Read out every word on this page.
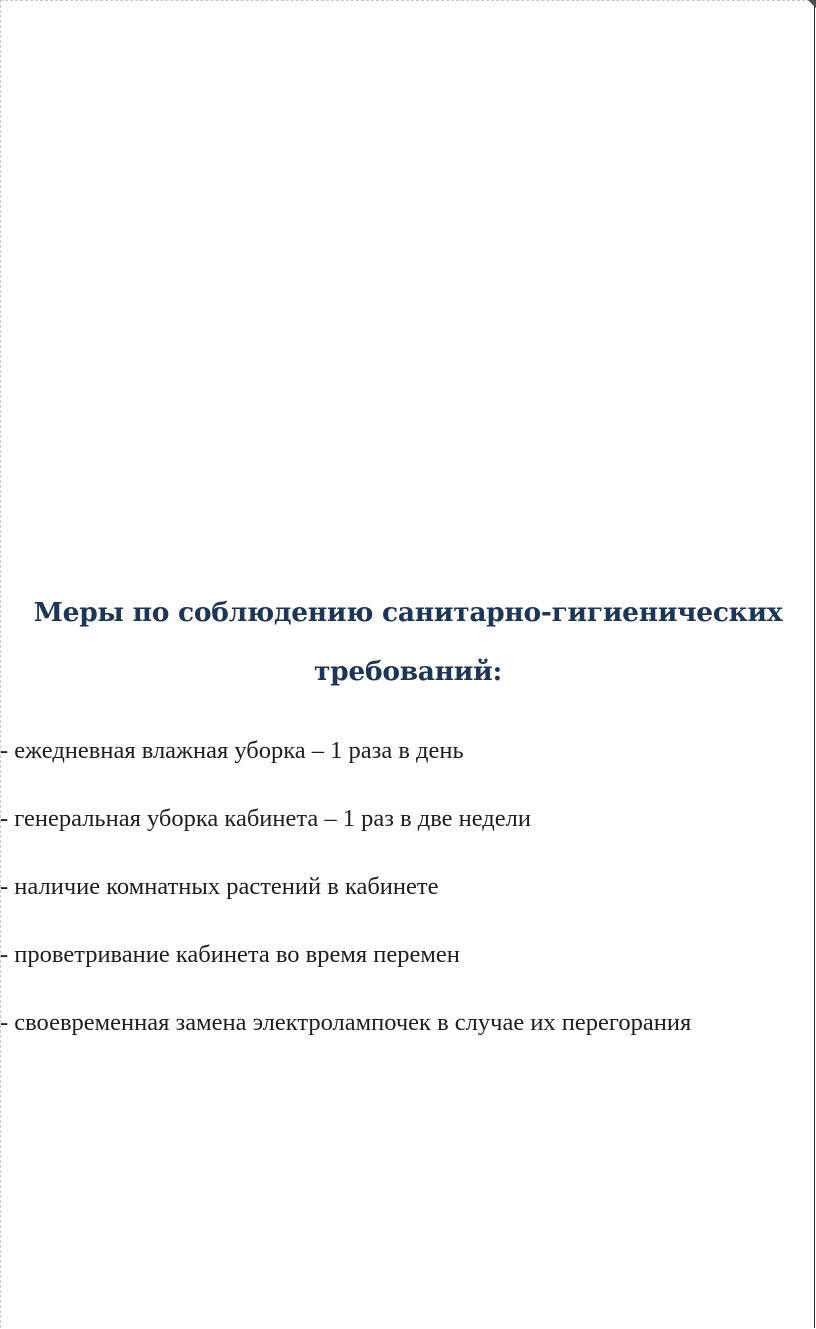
Меры по соблюдению санитарно-гигиенических
требований:
- ежедневная влажная уборка – 1 раза в день
- генеральная уборка кабинета – 1 раз в две недели
- наличие комнатных растений в кабинете
- проветривание кабинета во время перемен
- своевременная замена электролампочек в случае их перегорания
